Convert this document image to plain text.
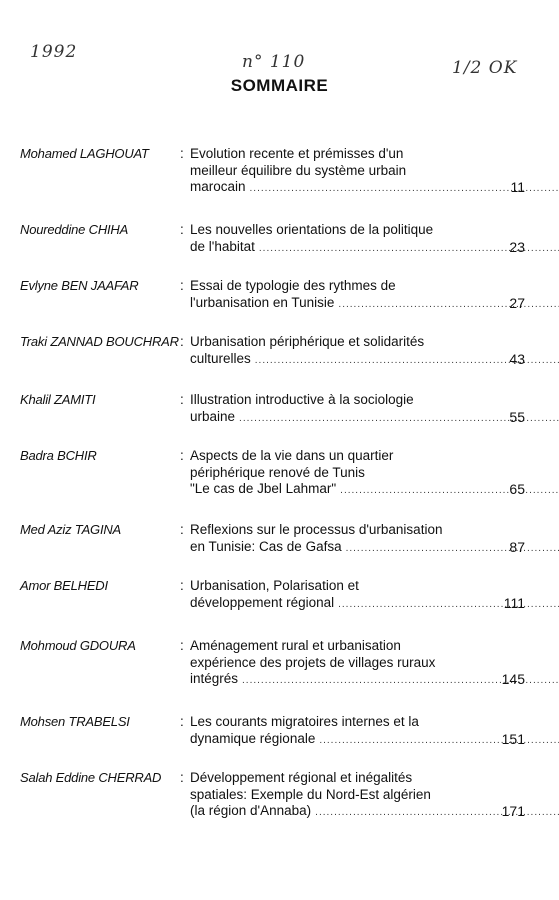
1992	n° 110	1/2 OK
SOMMAIRE
Mohamed LAGHOUAT	: Evolution recente et prémisses d'un
meilleur équilibre du système urbain
marocain .....	11
Noureddine CHIHA	: Les nouvelles orientations de la politique
de l'habitat .....	23
Evlyne BEN JAAFAR	: Essai de typologie des rythmes de
l'urbanisation en Tunisie .....	27
Traki ZANNAD BOUCHRAR : Urbanisation périphérique et solidarités
culturelles .....	43
Khalil ZAMITI	: Illustration introductive à la sociologie
urbaine .....	55
Badra BCHIR	: Aspects de la vie dans un quartier
périphérique renové de Tunis
"Le cas de Jbel Lahmar" .....	65
Med Aziz TAGINA	: Reflexions sur le processus d'urbanisation
en Tunisie: Cas de Gafsa .....	87
Amor BELHEDI	: Urbanisation, Polarisation et
développement régional .....	111
Mohmoud GDOURA	: Aménagement rural et urbanisation
expérience des projets de villages ruraux
intégrés .....	145
Mohsen TRABELSI	: Les courants migratoires internes et la
dynamique régionale .....	151
Salah Eddine CHERRAD	: Développement régional et inégalités
spatiales: Exemple du Nord-Est algérien
(la région d'Annaba) .....	171
